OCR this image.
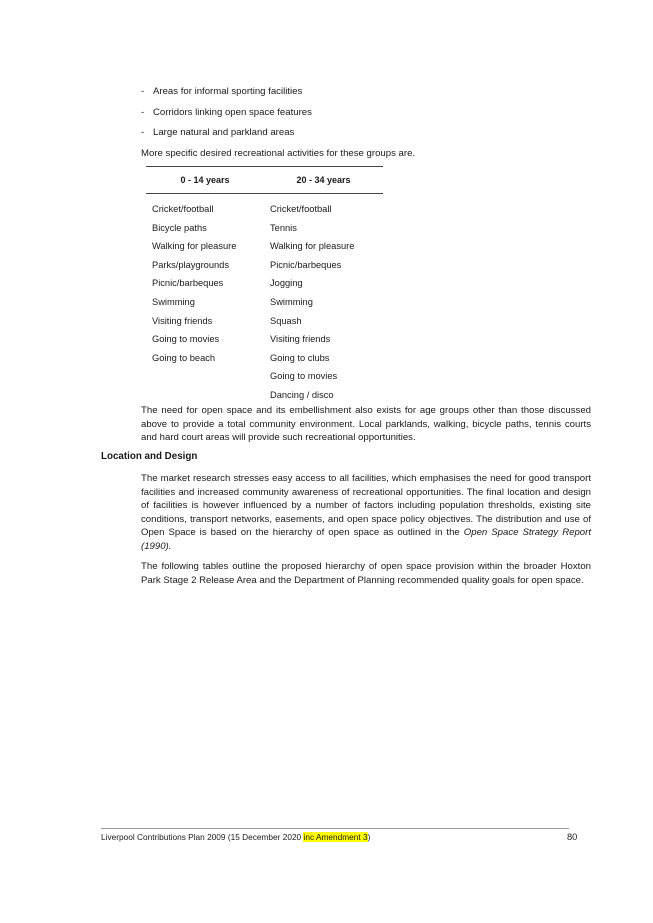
- Areas for informal sporting facilities
- Corridors linking open space features
- Large natural and parkland areas

More specific desired recreational activities for these groups are.

0 - 14 years	20 - 34 years
Cricket/football
Bicycle paths
Walking for pleasure
Parks/playgrounds
Picnic/barbeques
Swimming
Visiting friends
Going to movies
Going to beach
Cricket/football
Tennis
Walking for pleasure
Picnic/barbeques
Jogging
Swimming
Squash
Visiting friends
Going to clubs
Going to movies
Dancing / disco

The need for open space and its embellishment also exists for age groups other than those discussed above to provide a total community environment. Local parklands, walking, bicycle paths, tennis courts and hard court areas will provide such recreational opportunities.

Location and Design

The market research stresses easy access to all facilities, which emphasises the need for good transport facilities and increased community awareness of recreational opportunities. The final location and design of facilities is however influenced by a number of factors including population thresholds, existing site conditions, transport networks, easements, and open space policy objectives. The distribution and use of Open Space is based on the hierarchy of open space as outlined in the Open Space Strategy Report (1990).

The following tables outline the proposed hierarchy of open space provision within the broader Hoxton Park Stage 2 Release Area and the Department of Planning recommended quality goals for open space.

Liverpool Contributions Plan 2009 (15 December 2020 inc Amendment 3)	80
